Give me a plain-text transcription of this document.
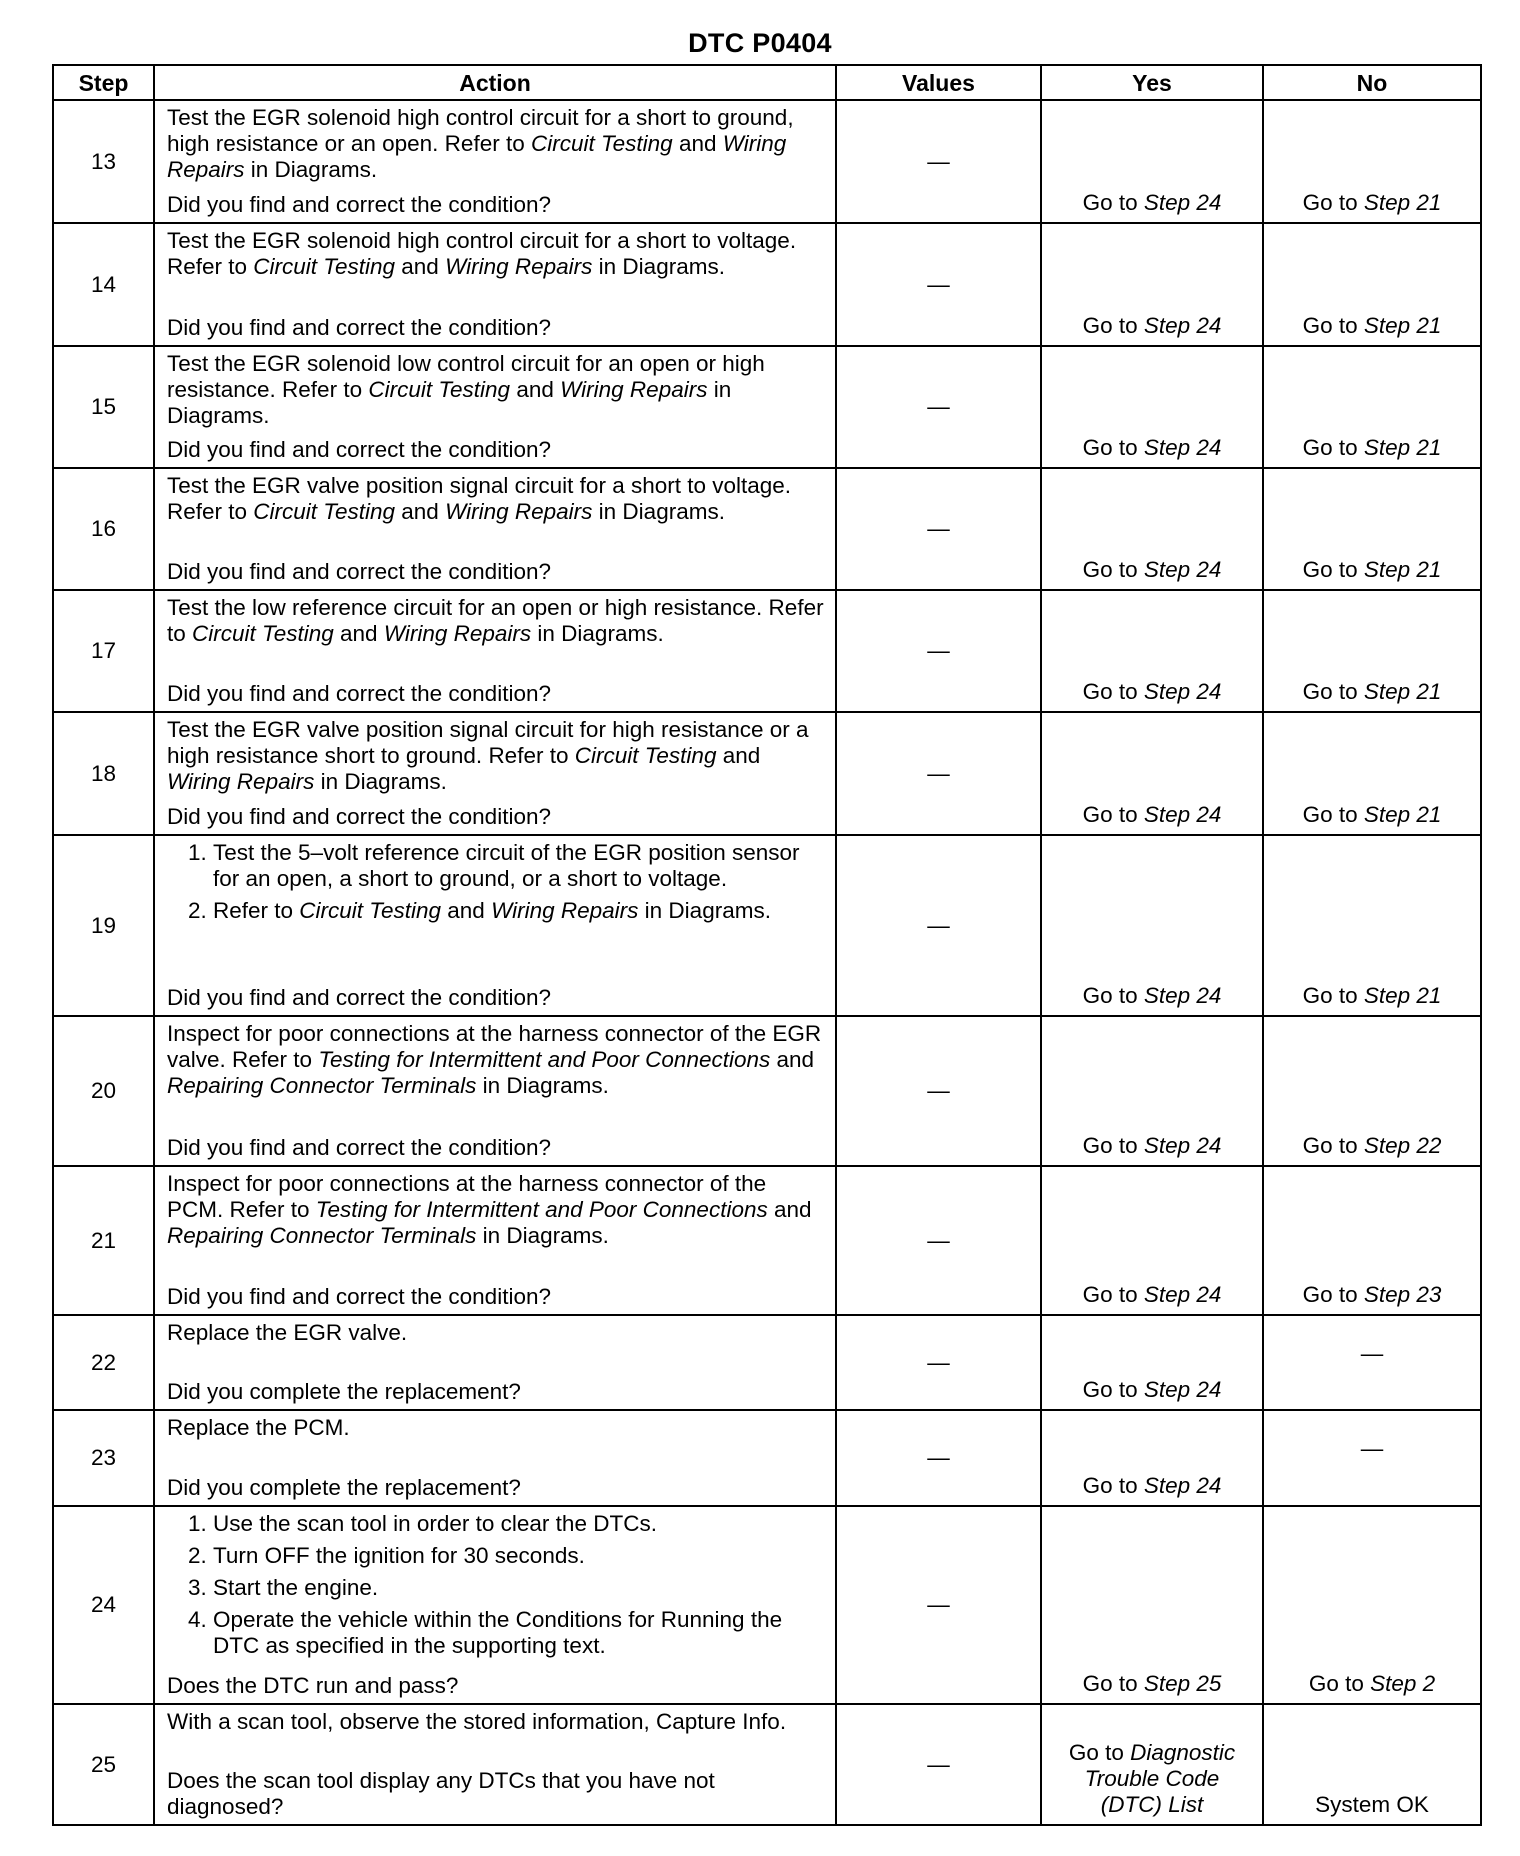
DTC P0404
Step	Action	Values	Yes	No
13	Test the EGR solenoid high control circuit for a short to ground, high resistance or an open. Refer to Circuit Testing and Wiring Repairs in Diagrams.
Did you find and correct the condition?	—	Go to Step 24	Go to Step 21
14	Test the EGR solenoid high control circuit for a short to voltage. Refer to Circuit Testing and Wiring Repairs in Diagrams.
Did you find and correct the condition?	—	Go to Step 24	Go to Step 21
15	Test the EGR solenoid low control circuit for an open or high resistance. Refer to Circuit Testing and Wiring Repairs in Diagrams.
Did you find and correct the condition?	—	Go to Step 24	Go to Step 21
16	Test the EGR valve position signal circuit for a short to voltage. Refer to Circuit Testing and Wiring Repairs in Diagrams.
Did you find and correct the condition?	—	Go to Step 24	Go to Step 21
17	Test the low reference circuit for an open or high resistance. Refer to Circuit Testing and Wiring Repairs in Diagrams.
Did you find and correct the condition?	—	Go to Step 24	Go to Step 21
18	Test the EGR valve position signal circuit for high resistance or a high resistance short to ground. Refer to Circuit Testing and Wiring Repairs in Diagrams.
Did you find and correct the condition?	—	Go to Step 24	Go to Step 21
19	
1. Test the 5–volt reference circuit of the EGR position sensor for an open, a short to ground, or a short to voltage.
2. Refer to Circuit Testing and Wiring Repairs in Diagrams.
Did you find and correct the condition?
	—	Go to Step 24	Go to Step 21
20	Inspect for poor connections at the harness connector of the EGR valve. Refer to Testing for Intermittent and Poor Connections and Repairing Connector Terminals in Diagrams.
Did you find and correct the condition?	—	Go to Step 24	Go to Step 22
21	Inspect for poor connections at the harness connector of the PCM. Refer to Testing for Intermittent and Poor Connections and Repairing Connector Terminals in Diagrams.
Did you find and correct the condition?	—	Go to Step 24	Go to Step 23
22	Replace the EGR valve.
Did you complete the replacement?	—	Go to Step 24	—
23	Replace the PCM.
Did you complete the replacement?	—	Go to Step 24	—
24	
1. Use the scan tool in order to clear the DTCs.
2. Turn OFF the ignition for 30 seconds.
3. Start the engine.
4. Operate the vehicle within the Conditions for Running the DTC as specified in the supporting text.
Does the DTC run and pass?
	—	Go to Step 25	Go to Step 2
25	With a scan tool, observe the stored information, Capture Info.
Does the scan tool display any DTCs that you have not diagnosed?	—	Go to Diagnostic Trouble Code (DTC) List	System OK
